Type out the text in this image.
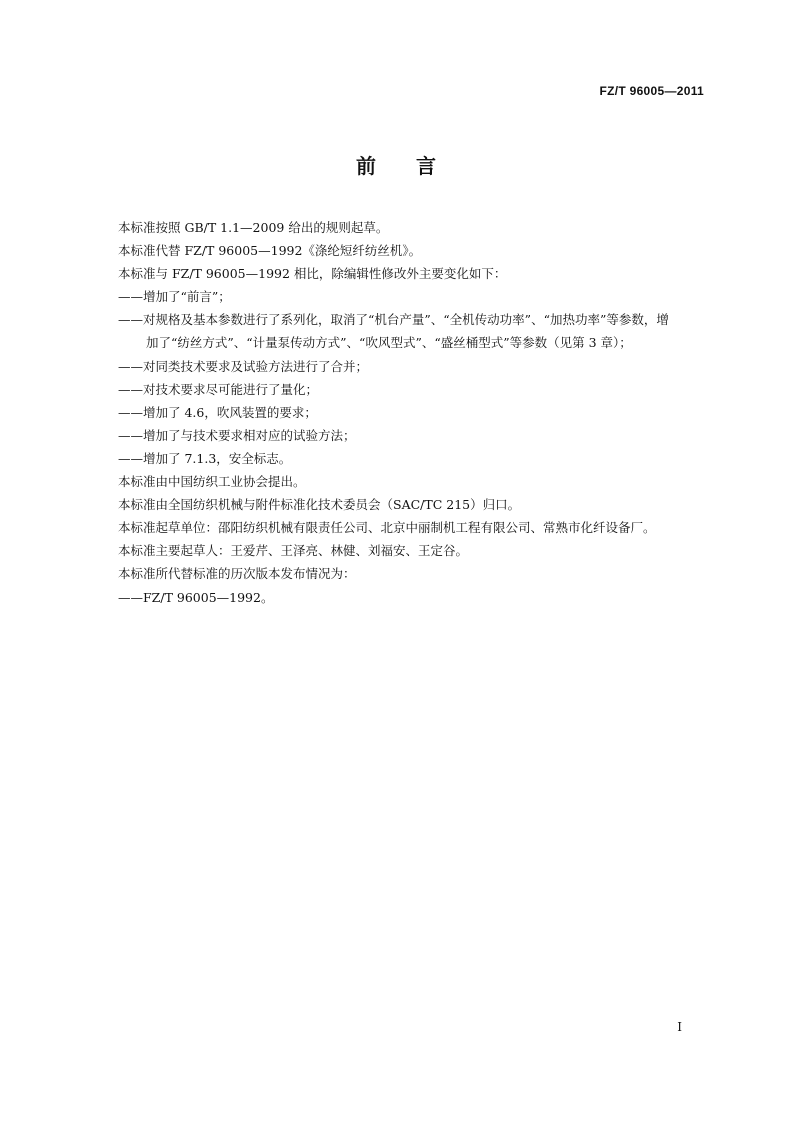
FZ/T 96005—2011
前 言
本标准按照 GB/T 1.1—2009 给出的规则起草。
本标准代替 FZ/T 96005—1992《涤纶短纤纺丝机》。
本标准与 FZ/T 96005—1992 相比，除编辑性修改外主要变化如下：
——增加了“前言”；
——对规格及基本参数进行了系列化，取消了“机台产量”、“全机传动功率”、“加热功率”等参数，增
加了“纺丝方式”、“计量泵传动方式”、“吹风型式”、“盛丝桶型式”等参数（见第 3 章）；
——对同类技术要求及试验方法进行了合并；
——对技术要求尽可能进行了量化；
——增加了 4.6，吹风装置的要求；
——增加了与技术要求相对应的试验方法；
——增加了 7.1.3，安全标志。
本标准由中国纺织工业协会提出。
本标准由全国纺织机械与附件标准化技术委员会（SAC/TC 215）归口。
本标准起草单位：邵阳纺织机械有限责任公司、北京中丽制机工程有限公司、常熟市化纤设备厂。
本标准主要起草人：王爱芹、王泽亮、林健、刘福安、王定谷。
本标准所代替标准的历次版本发布情况为：
——FZ/T 96005—1992。
I
